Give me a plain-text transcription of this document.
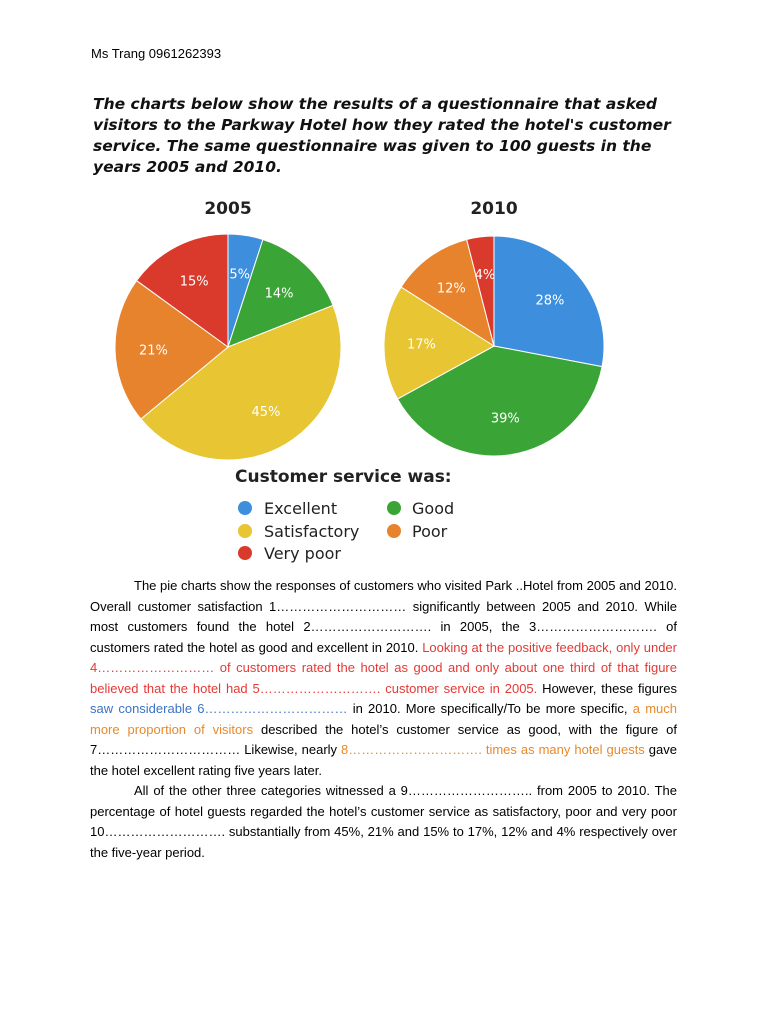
Ms Trang 0961262393
The charts below show the results of a questionnaire that asked visitors to the Parkway Hotel how they rated the hotel's customer service. The same questionnaire was given to 100 guests in the years 2005 and 2010.
2005	2010
5%
14%
45%
21%
15%
28%
39%
17%
12%
4%
Customer service was:
Excellent	Good
Satisfactory	Poor
Very poor

The pie charts show the responses of customers who visited Park ..Hotel from 2005 and 2010. Overall customer satisfaction 1………………………… significantly between 2005 and 2010. While most customers found the hotel 2………………………. in 2005, the 3………………………. of customers rated the hotel as good and excellent in 2010. Looking at the positive feedback, only under 4……………………… of customers rated the hotel as good and only about one third of that figure believed that the hotel had 5………………………. customer service in 2005. However, these figures saw considerable 6…………………………… in 2010. More specifically/To be more specific, a much more proportion of visitors described the hotel’s customer service as good, with the figure of 7…………………………… Likewise, nearly 8…………………………. times as many hotel guests gave the hotel excellent rating five years later.

All of the other three categories witnessed a 9……………………….. from 2005 to 2010. The percentage of hotel guests regarded the hotel’s customer service as satisfactory, poor and very poor 10………………………. substantially from 45%, 21% and 15% to 17%, 12% and 4% respectively over the five-year period.
